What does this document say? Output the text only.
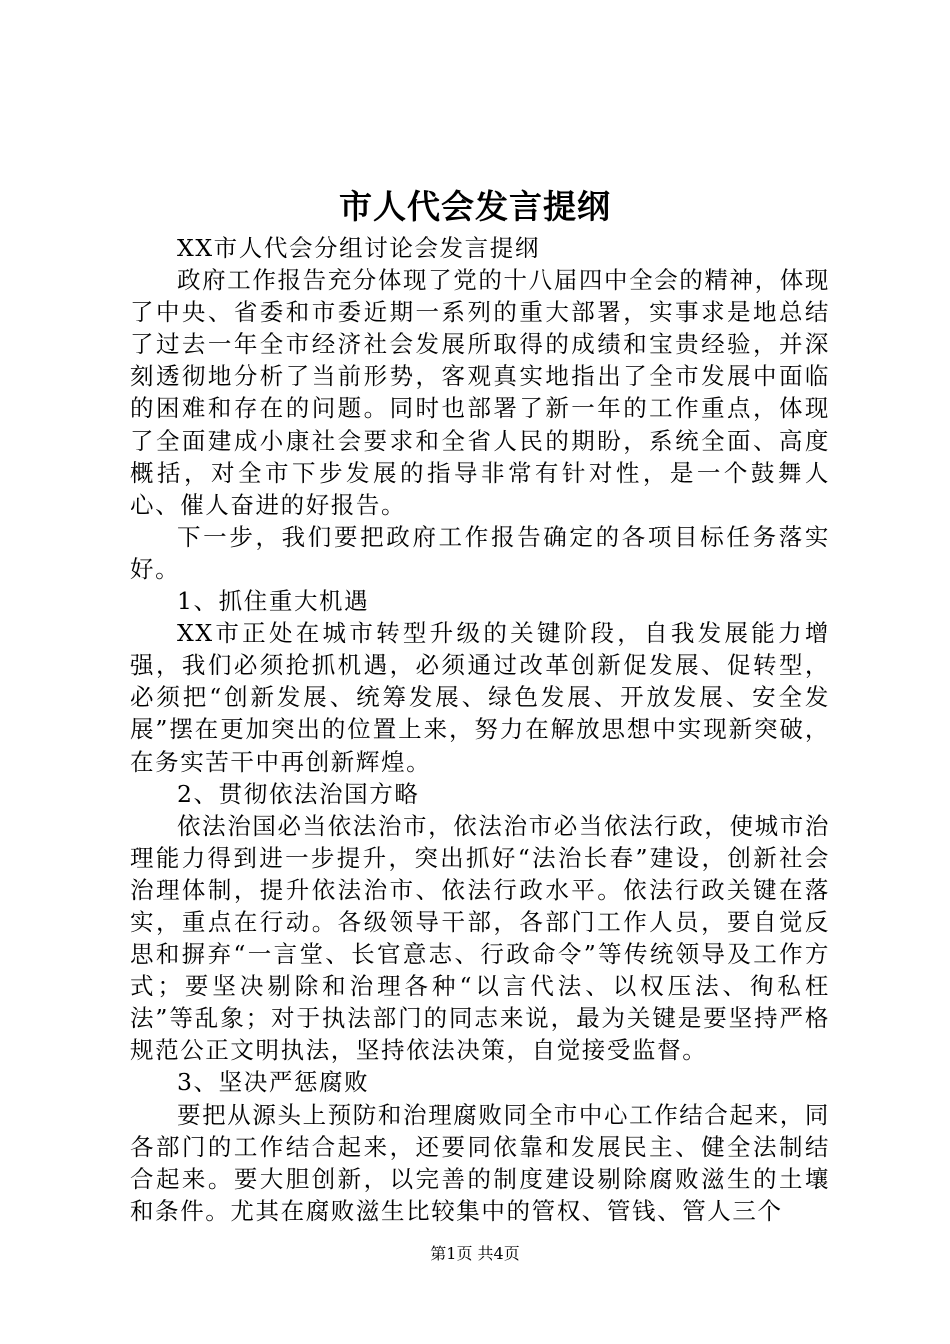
市人代会发言提纲

XX市人代会分组讨论会发言提纲

政府工作报告充分体现了党的十八届四中全会的精神，体现了中央、省委和市委近期一系列的重大部署，实事求是地总结了过去一年全市经济社会发展所取得的成绩和宝贵经验，并深刻透彻地分析了当前形势，客观真实地指出了全市发展中面临的困难和存在的问题。同时也部署了新一年的工作重点，体现了全面建成小康社会要求和全省人民的期盼，系统全面、高度概括，对全市下步发展的指导非常有针对性，是一个鼓舞人心、催人奋进的好报告。

下一步，我们要把政府工作报告确定的各项目标任务落实好。

1、抓住重大机遇

XX市正处在城市转型升级的关键阶段，自我发展能力增强，我们必须抢抓机遇，必须通过改革创新促发展、促转型，必须把“创新发展、统筹发展、绿色发展、开放发展、安全发展”摆在更加突出的位置上来，努力在解放思想中实现新突破，在务实苦干中再创新辉煌。

2、贯彻依法治国方略

依法治国必当依法治市，依法治市必当依法行政，使城市治理能力得到进一步提升，突出抓好“法治长春”建设，创新社会治理体制，提升依法治市、依法行政水平。依法行政关键在落实，重点在行动。各级领导干部，各部门工作人员，要自觉反思和摒弃“一言堂、长官意志、行政命令”等传统领导及工作方式；要坚决剔除和治理各种“以言代法、以权压法、徇私枉法”等乱象；对于执法部门的同志来说，最为关键是要坚持严格规范公正文明执法，坚持依法决策，自觉接受监督。

3、坚决严惩腐败

要把从源头上预防和治理腐败同全市中心工作结合起来，同各部门的工作结合起来，还要同依靠和发展民主、健全法制结合起来。要大胆创新，以完善的制度建设剔除腐败滋生的土壤和条件。尤其在腐败滋生比较集中的管权、管钱、管人三个

第1页 共4页
